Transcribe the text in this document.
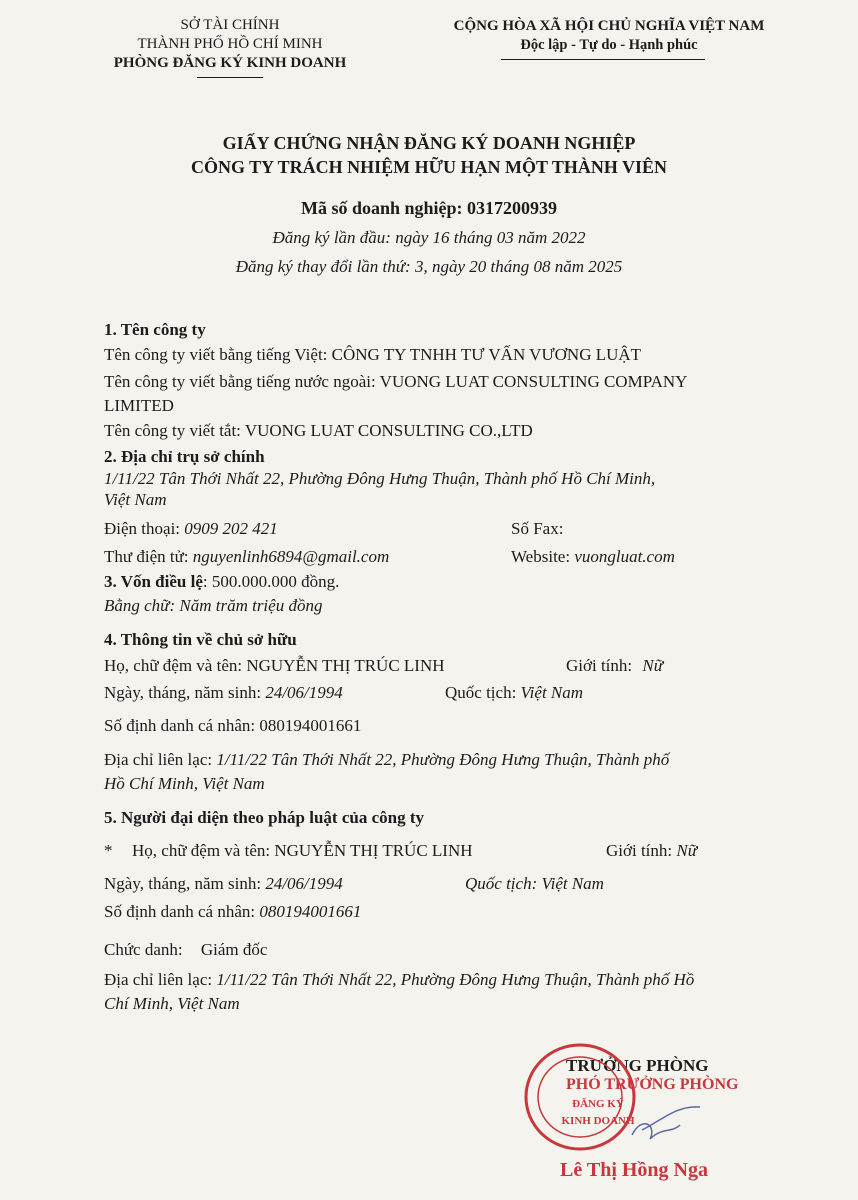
SỞ TÀI CHÍNH
THÀNH PHỐ HỒ CHÍ MINH
PHÒNG ĐĂNG KÝ KINH DOANH
CỘNG HÒA XÃ HỘI CHỦ NGHĨA VIỆT NAM
Độc lập - Tự do - Hạnh phúc
GIẤY CHỨNG NHẬN ĐĂNG KÝ DOANH NGHIỆP
CÔNG TY TRÁCH NHIỆM HỮU HẠN MỘT THÀNH VIÊN
Mã số doanh nghiệp: 0317200939
Đăng ký lần đầu: ngày 16 tháng 03 năm 2022
Đăng ký thay đổi lần thứ: 3, ngày 20 tháng 08 năm 2025
1. Tên công ty
Tên công ty viết bằng tiếng Việt: CÔNG TY TNHH TƯ VẤN VƯƠNG LUẬT
Tên công ty viết bằng tiếng nước ngoài: VUONG LUAT CONSULTING COMPANY
LIMITED
Tên công ty viết tắt: VUONG LUAT CONSULTING CO.,LTD
2. Địa chỉ trụ sở chính
1/11/22 Tân Thới Nhất 22, Phường Đông Hưng Thuận, Thành phố Hồ Chí Minh,
Việt Nam
Điện thoại: 0909 202 421	Số Fax:
Thư điện tử: nguyenlinh6894@gmail.com	Website: vuongluat.com
3. Vốn điều lệ: 500.000.000 đồng.
Bằng chữ: Năm trăm triệu đồng
4. Thông tin về chủ sở hữu
Họ, chữ đệm và tên: NGUYỄN THỊ TRÚC LINH	Giới tính: Nữ
Ngày, tháng, năm sinh: 24/06/1994	Quốc tịch: Việt Nam
Số định danh cá nhân: 080194001661
Địa chỉ liên lạc: 1/11/22 Tân Thới Nhất 22, Phường Đông Hưng Thuận, Thành phố
Hồ Chí Minh, Việt Nam
5. Người đại diện theo pháp luật của công ty
* Họ, chữ đệm và tên: NGUYỄN THỊ TRÚC LINH	Giới tính: Nữ
Ngày, tháng, năm sinh: 24/06/1994	Quốc tịch: Việt Nam
Số định danh cá nhân: 080194001661
Chức danh: Giám đốc
Địa chỉ liên lạc: 1/11/22 Tân Thới Nhất 22, Phường Đông Hưng Thuận, Thành phố Hồ
Chí Minh, Việt Nam
TRƯỞNG PHÒNG
PHÓ TRƯỞNG PHÒNG
ĐĂNG KÝ
KINH DOANH
Lê Thị Hồng Nga
